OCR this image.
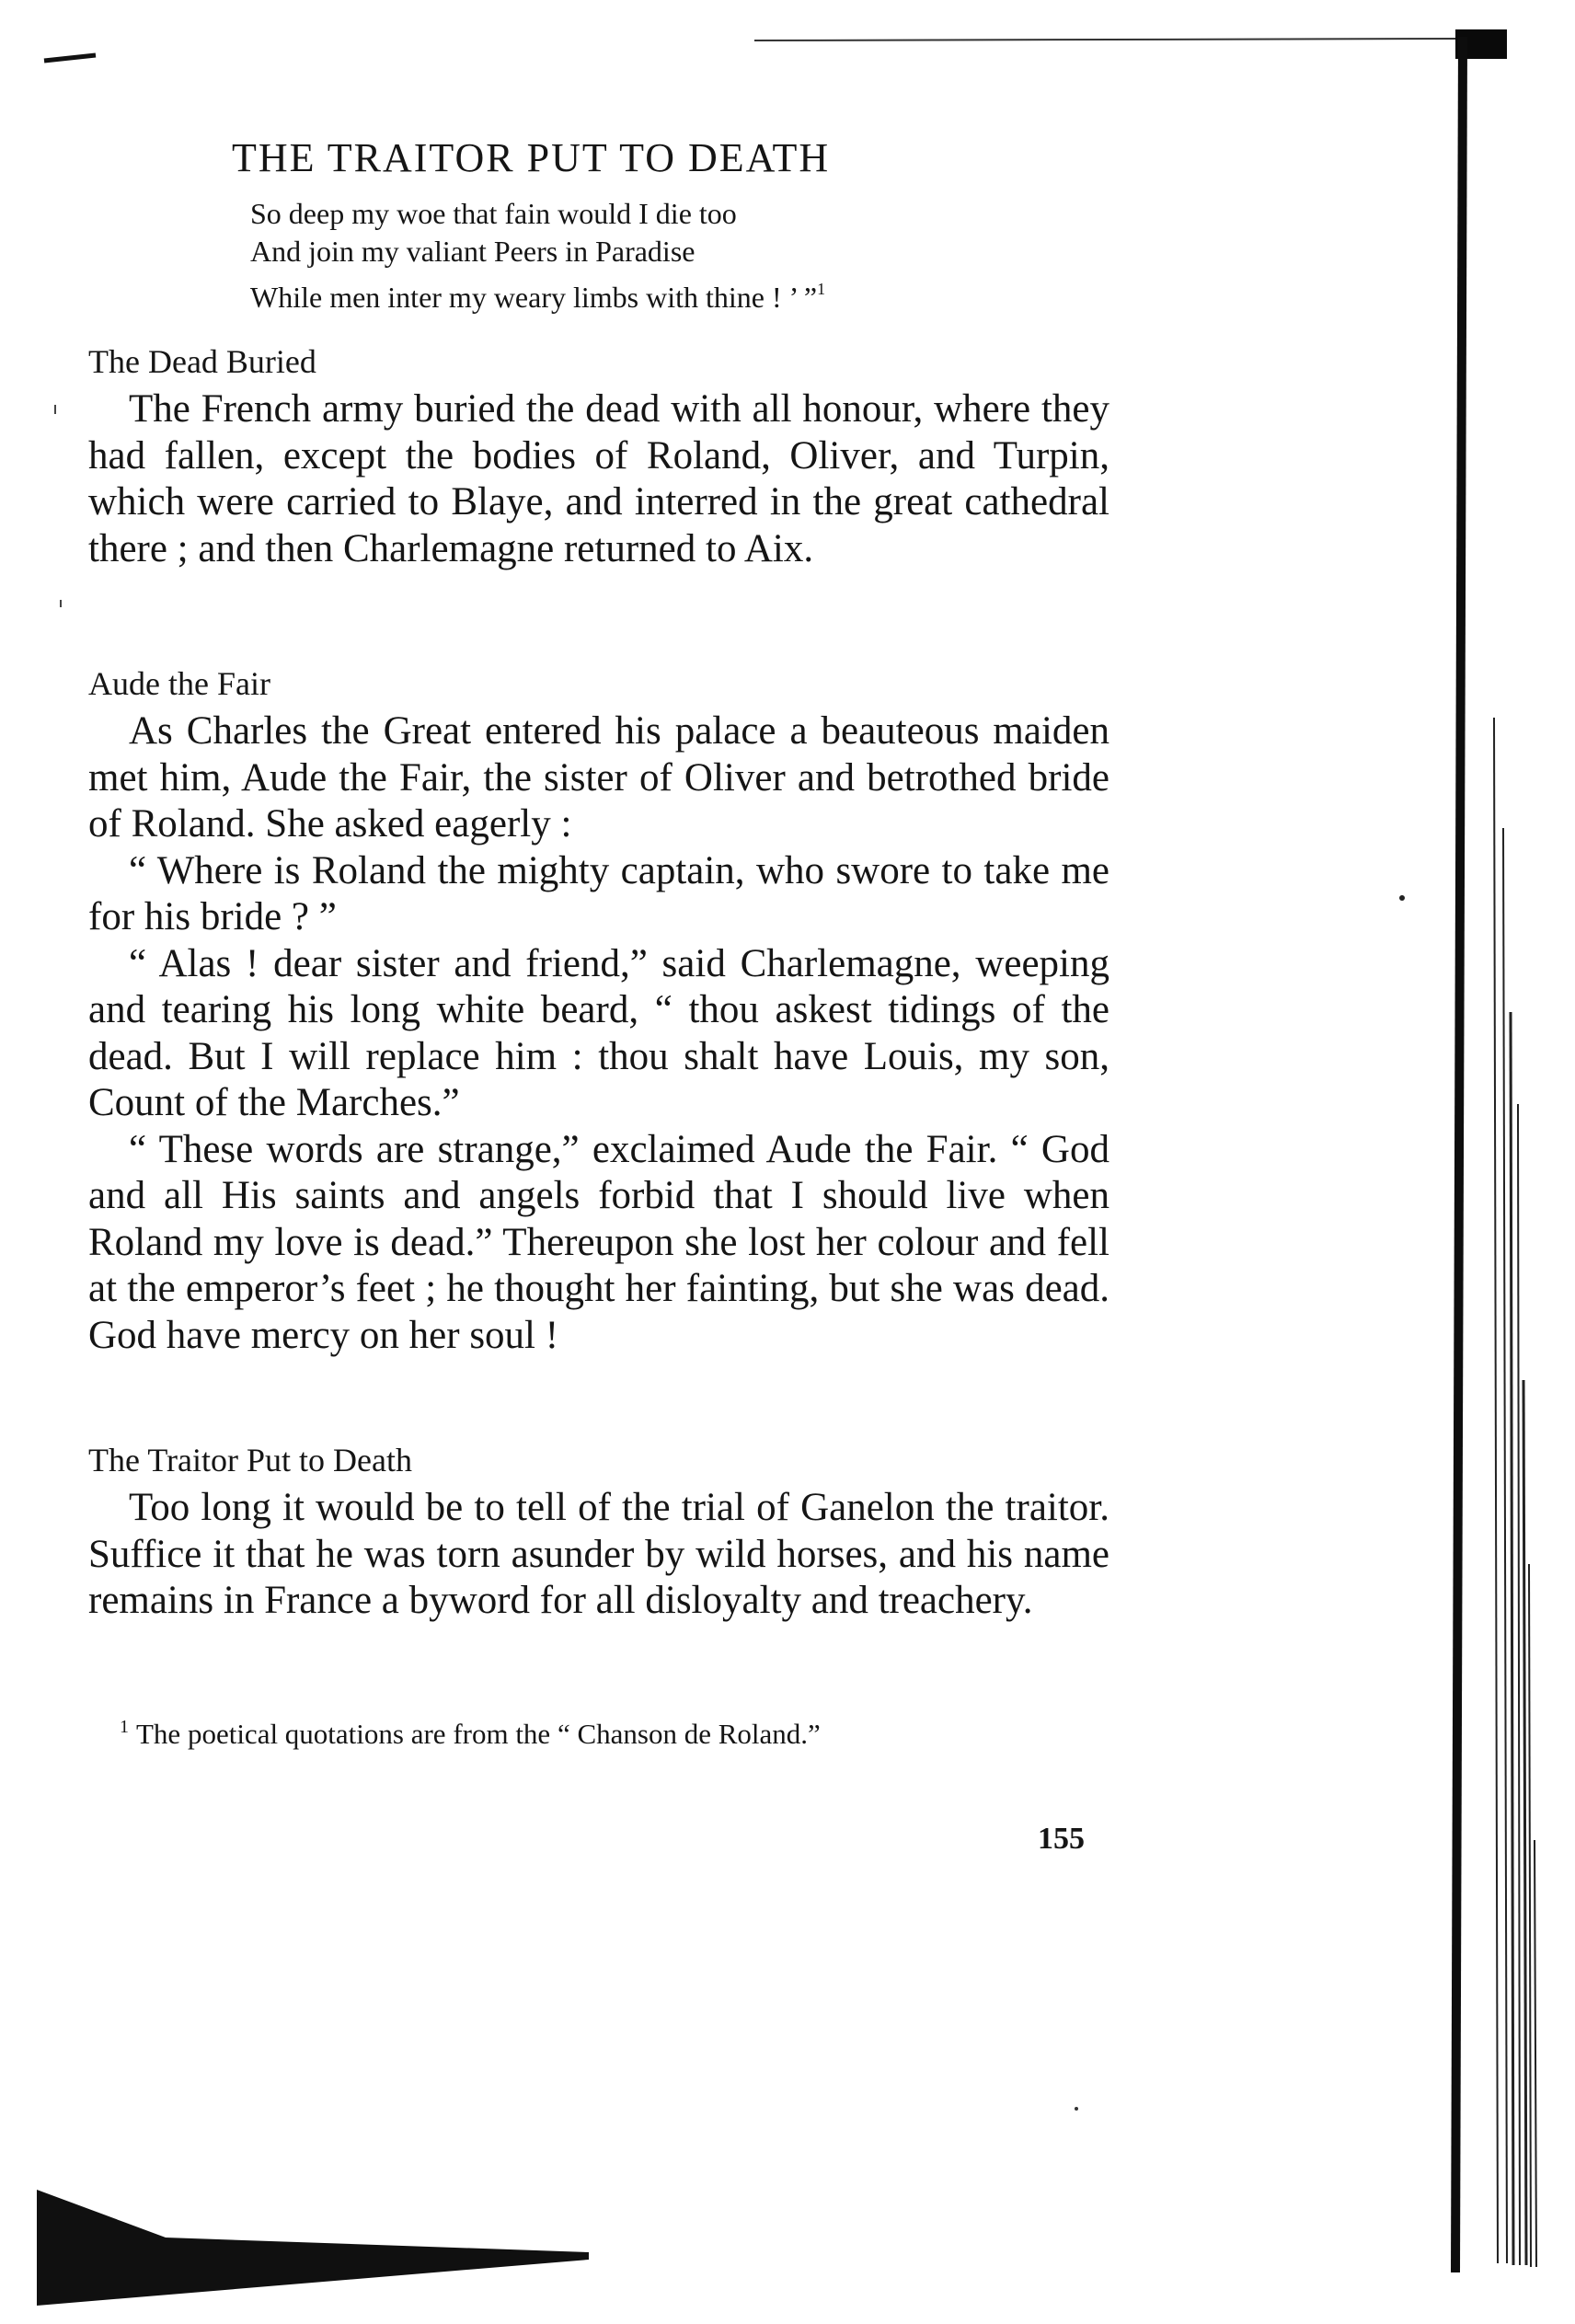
THE TRAITOR PUT TO DEATH
So deep my woe that fain would I die too
And join my valiant Peers in Paradise
While men inter my weary limbs with thine ! ’ ”$^1$

The Dead Buried

The French army buried the dead with all honour, where they had fallen, except the bodies of Roland, Oliver, and Turpin, which were carried to Blaye, and interred in the great cathedral there ; and then Charlemagne returned to Aix.

Aude the Fair

As Charles the Great entered his palace a beauteous maiden met him, Aude the Fair, the sister of Oliver and betrothed bride of Roland. She asked eagerly :

“ Where is Roland the mighty captain, who swore to take me for his bride ? ”

“ Alas ! dear sister and friend,” said Charlemagne, weeping and tearing his long white beard, “ thou askest tidings of the dead. But I will replace him : thou shalt have Louis, my son, Count of the Marches.”

“ These words are strange,” exclaimed Aude the Fair. “ God and all His saints and angels forbid that I should live when Roland my love is dead.” Thereupon she lost her colour and fell at the emperor’s feet ; he thought her fainting, but she was dead. God have mercy on her soul !

The Traitor Put to Death

Too long it would be to tell of the trial of Ganelon the traitor. Suffice it that he was torn asunder by wild horses, and his name remains in France a byword for all disloyalty and treachery.

$^1$ The poetical quotations are from the “ Chanson de Roland.”
155
